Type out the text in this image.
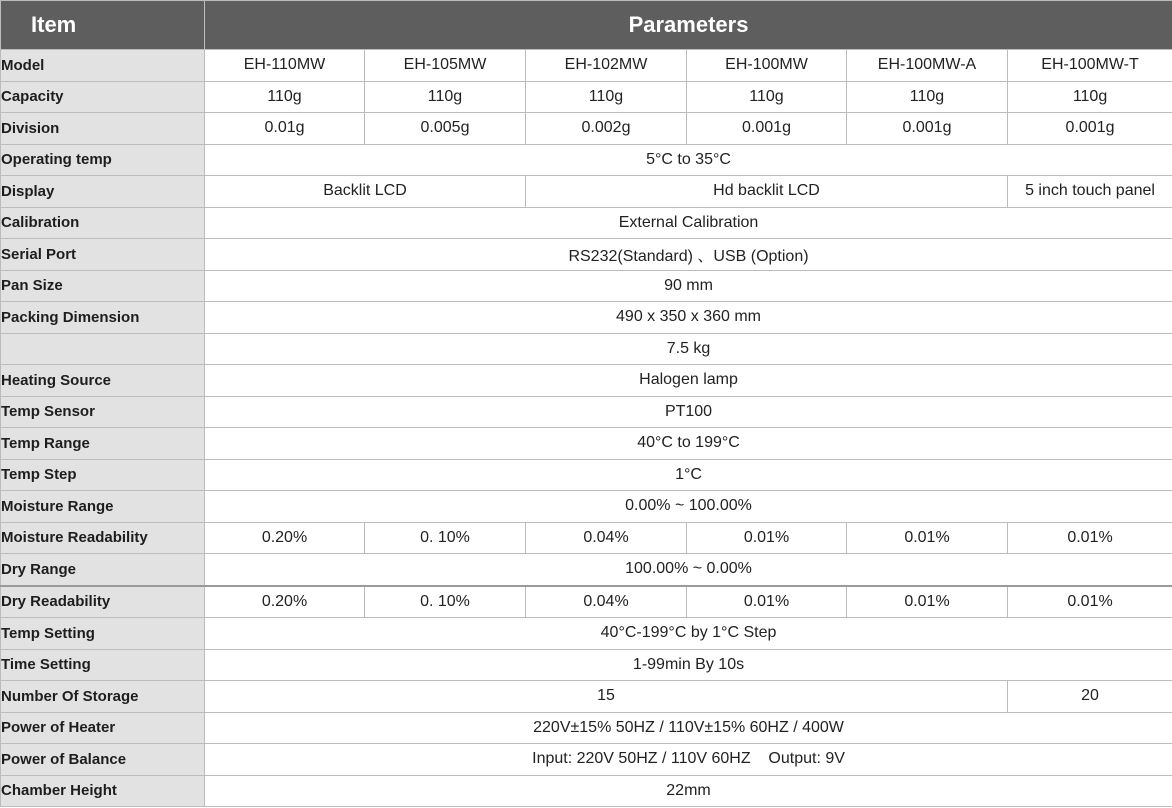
Item	Parameters					
Model	EH-110MW	EH-105MW	EH-102MW	EH-100MW	EH-100MW-A	EH-100MW-T
Capacity	110g	110g	110g	110g	110g	110g
Division	0.01g	0.005g	0.002g	0.001g	0.001g	0.001g
Operating temp	5°C to 35°C					
Display	Backlit LCD		Hd backlit LCD			5 inch touch panel
Calibration	External Calibration					
Serial Port	RS232(Standard) 、USB (Option)					
Pan Size	90 mm					
Packing Dimension	490 x 350 x 360 mm					
	7.5 kg					
Heating Source	Halogen lamp					
Temp Sensor	PT100					
Temp Range	40°C to 199°C					
Temp Step	1°C					
Moisture Range	0.00% ~ 100.00%					
Moisture Readability	0.20%	0. 10%	0.04%	0.01%	0.01%	0.01%
Dry Range	100.00% ~ 0.00%					
Dry Readability	0.20%	0. 10%	0.04%	0.01%	0.01%	0.01%
Temp Setting	40°C-199°C by 1°C Step					
Time Setting	1-99min By 10s					
Number Of Storage	15					20
Power of Heater	220V±15% 50HZ / 110V±15% 60HZ / 400W					
Power of Balance	Input: 220V 50HZ / 110V 60HZ    Output: 9V					
Chamber Height	22mm					
